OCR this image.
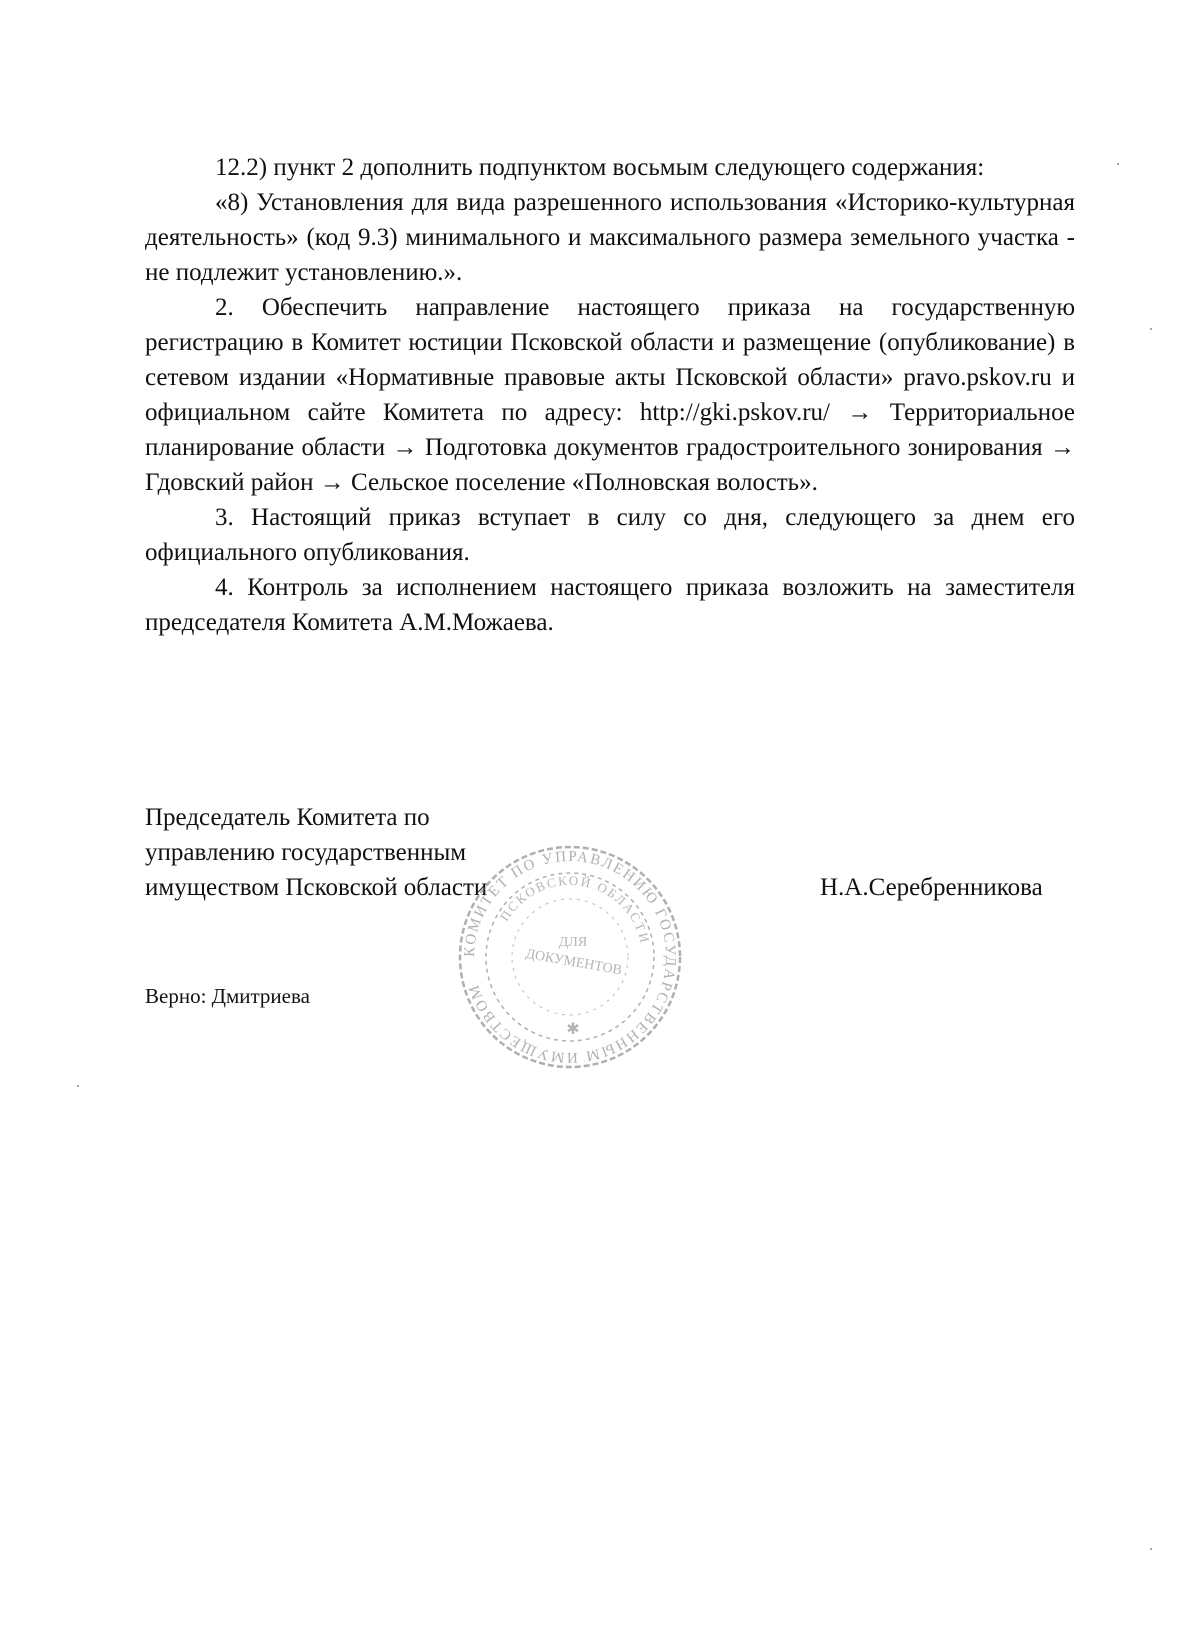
12.2) пункт 2 дополнить подпунктом восьмым следующего содержания:

«8) Установления для вида разрешенного использования «Историко-культурная деятельность» (код 9.3) минимального и максимального размера земельного участка - не подлежит установлению.».

2. Обеспечить направление настоящего приказа на государственную регистрацию в Комитет юстиции Псковской области и размещение (опубликование) в сетевом издании «Нормативные правовые акты Псковской области» pravo.pskov.ru и официальном сайте Комитета по адресу: http://gki.pskov.ru/ → Территориальное планирование области → Подготовка документов градостроительного зонирования → Гдовский район → Сельское поселение «Полновская волость».

3. Настоящий приказ вступает в силу со дня, следующего за днем его официального опубликования.

4. Контроль за исполнением настоящего приказа возложить на заместителя председателя Комитета А.М.Можаева.

Председатель Комитета по
управлению государственным
имуществом Псковской области
КОМИТЕТ ПО УПРАВЛЕНИЮ ГОСУДАРСТВЕННЫМ ИМУЩЕСТВОМ
ПСКОВСКОЙ ОБЛАСТИ
ДЛЯ
ДОКУМЕНТОВ
✱
Н.А.Серебренникова
Верно: Дмитриева
